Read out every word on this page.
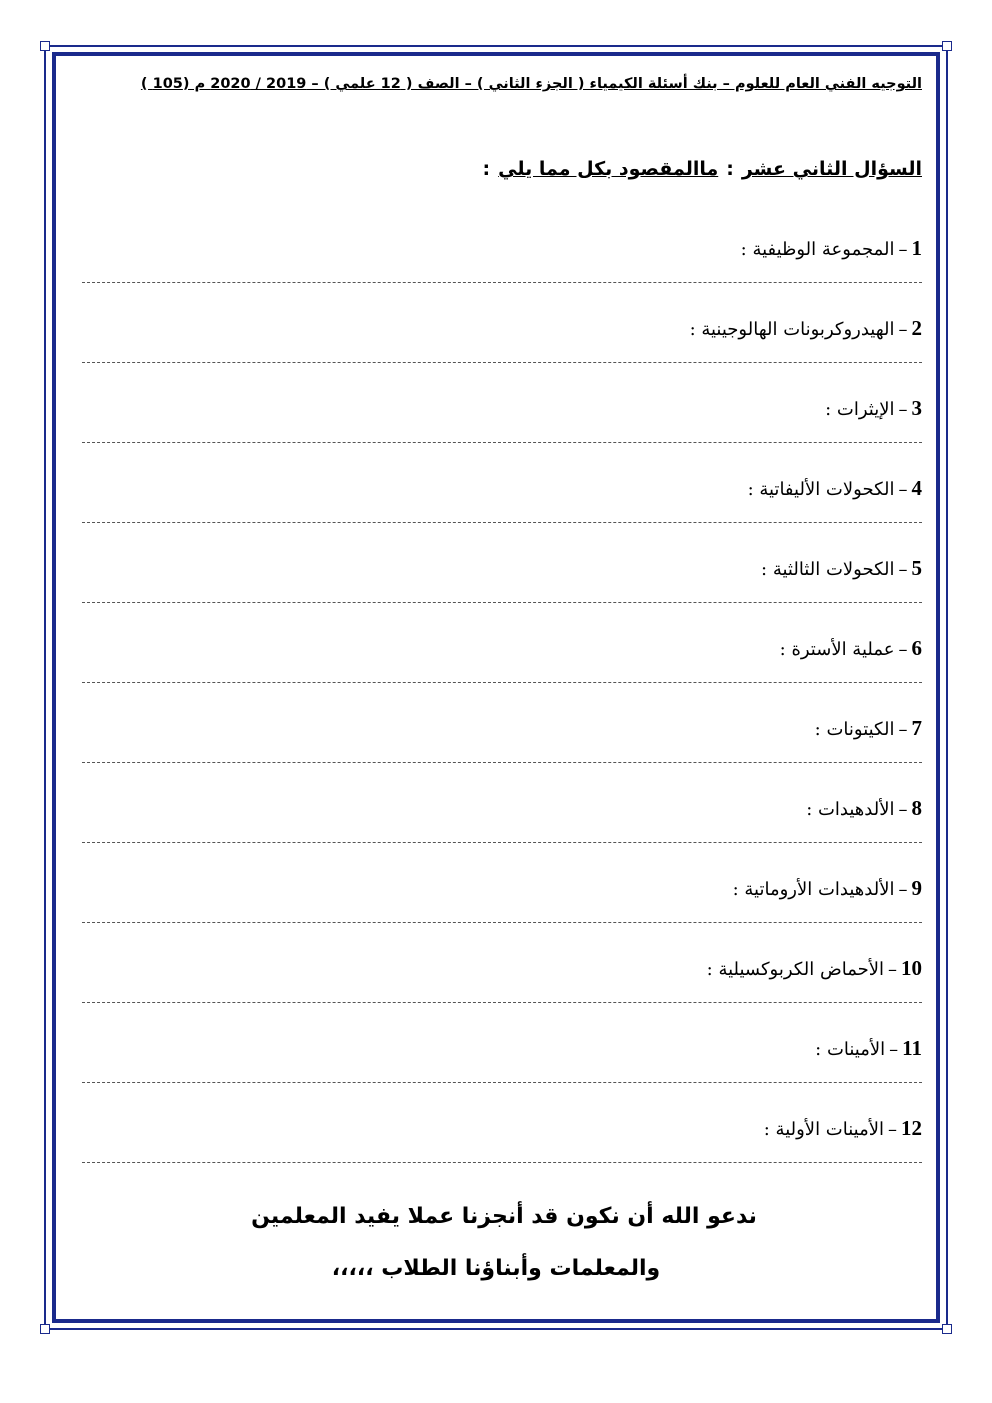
التوجيه الفني العام للعلوم – بنك أسئلة الكيمياء ( الجزء الثاني ) – الصف ( 12 علمي ) – 2019 / 2020 م (105 )
السؤال الثاني عشر:ماالمقصود بكل مما يلي:
1–المجموعة الوظيفية :
2–الهيدروكربونات الهالوجينية :
3–الإيثرات :
4–الكحولات الأليفاتية :
5–الكحولات الثالثية :
6–عملية الأسترة :
7–الكيتونات :
8–الألدهيدات :
9–الألدهيدات الأروماتية :
10–الأحماض الكربوكسيلية :
11–الأمينات :
12–الأمينات الأولية :
ندعو الله أن نكون قد أنجزنا عملا يفيد المعلمين
والمعلمات وأبناؤنا الطلاب ،،،،،
